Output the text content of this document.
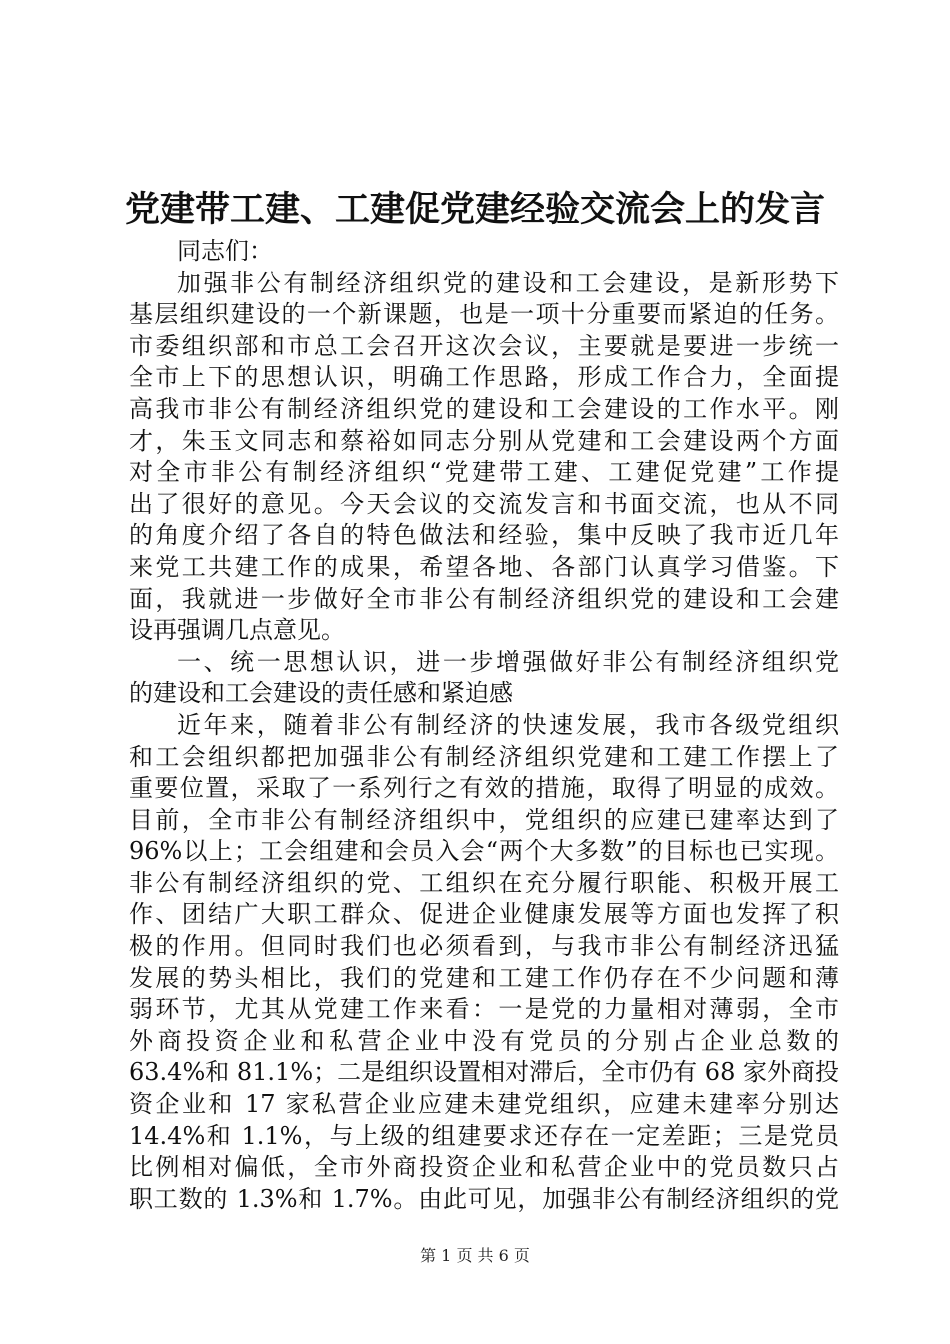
党建带工建、工建促党建经验交流会上的发言
同志们：
加强非公有制经济组织党的建设和工会建设，是新形势下
基层组织建设的一个新课题，也是一项十分重要而紧迫的任务。
市委组织部和市总工会召开这次会议，主要就是要进一步统一
全市上下的思想认识，明确工作思路，形成工作合力，全面提
高我市非公有制经济组织党的建设和工会建设的工作水平。刚
才，朱玉文同志和蔡裕如同志分别从党建和工会建设两个方面
对全市非公有制经济组织“党建带工建、工建促党建”工作提
出了很好的意见。今天会议的交流发言和书面交流，也从不同
的角度介绍了各自的特色做法和经验，集中反映了我市近几年
来党工共建工作的成果，希望各地、各部门认真学习借鉴。下
面，我就进一步做好全市非公有制经济组织党的建设和工会建
设再强调几点意见。
一、统一思想认识，进一步增强做好非公有制经济组织党
的建设和工会建设的责任感和紧迫感
近年来，随着非公有制经济的快速发展，我市各级党组织
和工会组织都把加强非公有制经济组织党建和工建工作摆上了
重要位置，采取了一系列行之有效的措施，取得了明显的成效。
目前，全市非公有制经济组织中，党组织的应建已建率达到了
96%以上；工会组建和会员入会“两个大多数”的目标也已实现。
非公有制经济组织的党、工组织在充分履行职能、积极开展工
作、团结广大职工群众、促进企业健康发展等方面也发挥了积
极的作用。但同时我们也必须看到，与我市非公有制经济迅猛
发展的势头相比，我们的党建和工建工作仍存在不少问题和薄
弱环节，尤其从党建工作来看：一是党的力量相对薄弱，全市
外商投资企业和私营企业中没有党员的分别占企业总数的
63.4%和 81.1%；二是组织设置相对滞后，全市仍有 68 家外商投
资企业和 17 家私营企业应建未建党组织，应建未建率分别达
14.4%和 1.1%，与上级的组建要求还存在一定差距；三是党员
比例相对偏低，全市外商投资企业和私营企业中的党员数只占
职工数的 1.3%和 1.7%。由此可见，加强非公有制经济组织的党
第 1 页 共 6 页
